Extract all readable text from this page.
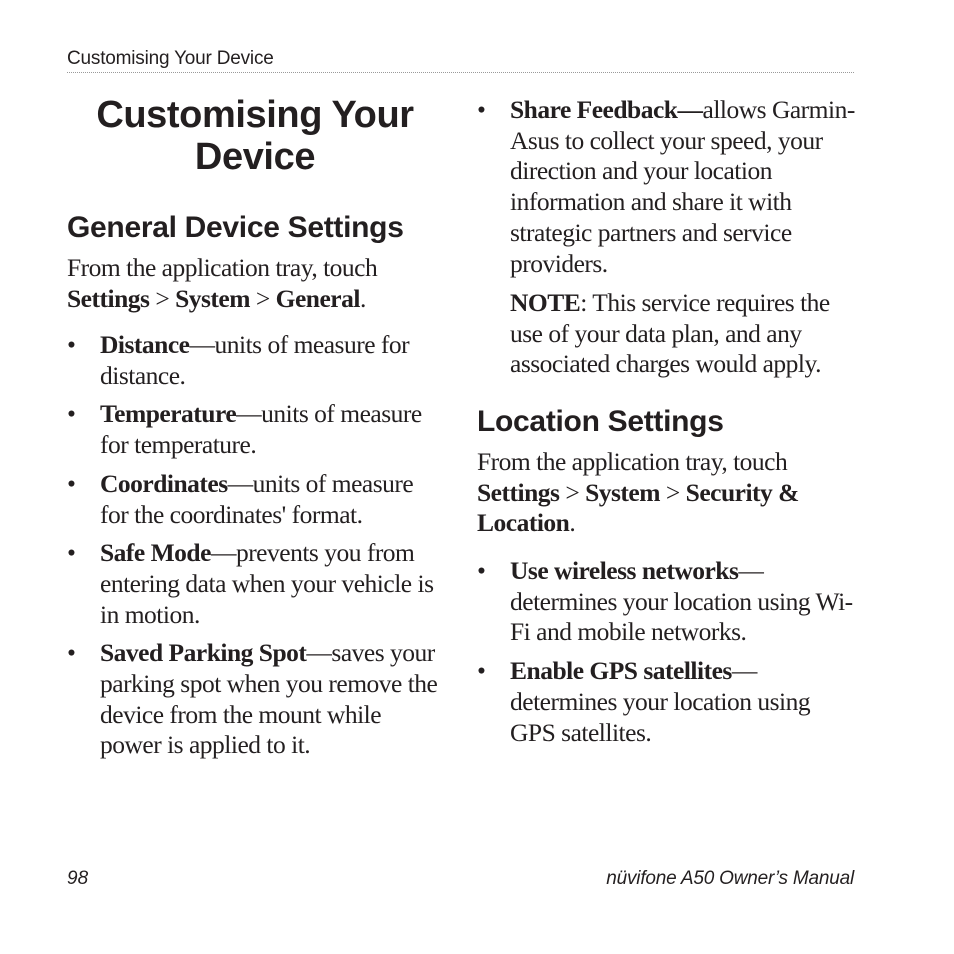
Customising Your Device
Customising Your Device
General Device Settings

From the application tray, touch
Settings > System > General.

• Distance—units of measure for distance.
• Temperature—units of measure for temperature.
• Coordinates—units of measure for the coordinates' format.
• Safe Mode—prevents you from entering data when your vehicle is in motion.
• Saved Parking Spot—saves your parking spot when you remove the device from the mount while power is applied to it.
• Share Feedback—allows Garmin-Asus to collect your speed, your direction and your location information and share it with strategic partners and service providers.

NOTE: This service requires the use of your data plan, and any associated charges would apply.

Location Settings

From the application tray, touch
Settings > System > Security & Location.

• Use wireless networks—determines your location using Wi-Fi and mobile networks.
• Enable GPS satellites—determines your location using GPS satellites.
98	nüvifone A50 Owner’s Manual
